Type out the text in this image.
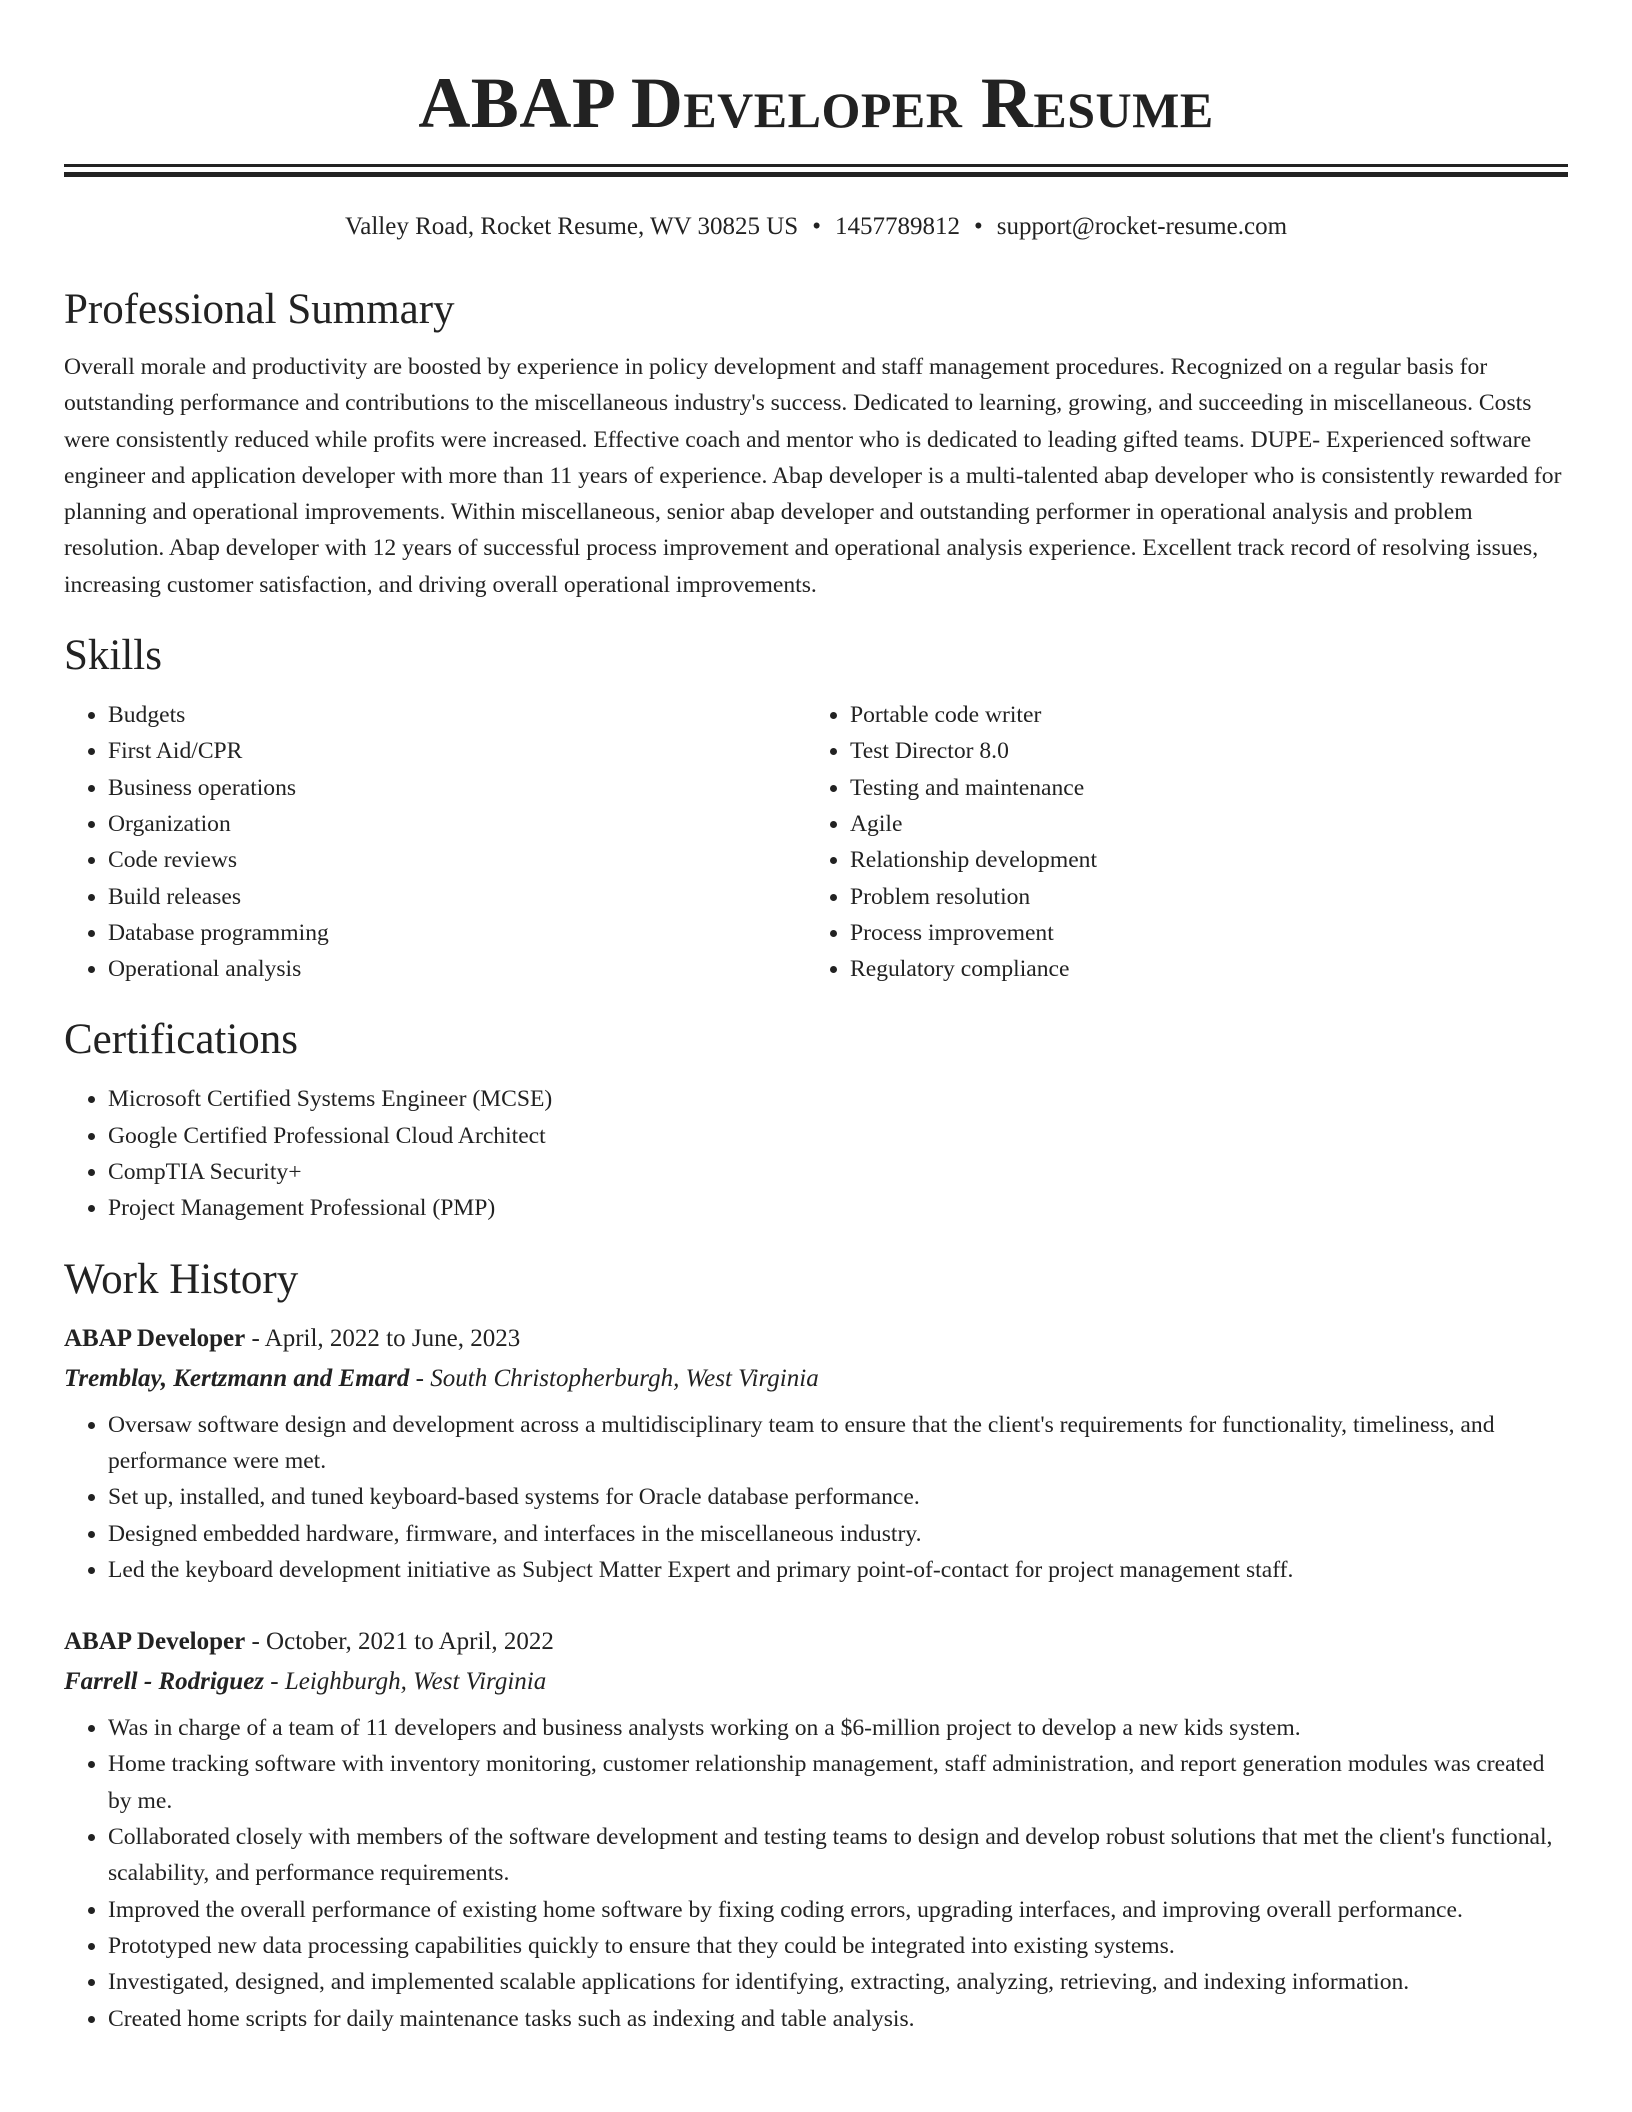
ABAP Developer Resume
Valley Road, Rocket Resume, WV 30825 US • 1457789812 • support@rocket-resume.com
Professional Summary

Overall morale and productivity are boosted by experience in policy development and staff management procedures. Recognized on a regular basis for outstanding performance and contributions to the miscellaneous industry's success. Dedicated to learning, growing, and succeeding in miscellaneous. Costs were consistently reduced while profits were increased. Effective coach and mentor who is dedicated to leading gifted teams. DUPE- Experienced software engineer and application developer with more than 11 years of experience. Abap developer is a multi-talented abap developer who is consistently rewarded for planning and operational improvements. Within miscellaneous, senior abap developer and outstanding performer in operational analysis and problem resolution. Abap developer with 12 years of successful process improvement and operational analysis experience. Excellent track record of resolving issues, increasing customer satisfaction, and driving overall operational improvements.

Skills
• Budgets
• First Aid/CPR
• Business operations
• Organization
• Code reviews
• Build releases
• Database programming
• Operational analysis
• Portable code writer
• Test Director 8.0
• Testing and maintenance
• Agile
• Relationship development
• Problem resolution
• Process improvement
• Regulatory compliance
Certifications
• Microsoft Certified Systems Engineer (MCSE)
• Google Certified Professional Cloud Architect
• CompTIA Security+
• Project Management Professional (PMP)
Work History
ABAP Developer - April, 2022 to June, 2023
Tremblay, Kertzmann and Emard - South Christopherburgh, West Virginia
• Oversaw software design and development across a multidisciplinary team to ensure that the client's requirements for functionality, timeliness, and performance were met.
• Set up, installed, and tuned keyboard-based systems for Oracle database performance.
• Designed embedded hardware, firmware, and interfaces in the miscellaneous industry.
• Led the keyboard development initiative as Subject Matter Expert and primary point-of-contact for project management staff.
ABAP Developer - October, 2021 to April, 2022
Farrell - Rodriguez - Leighburgh, West Virginia
• Was in charge of a team of 11 developers and business analysts working on a $6-million project to develop a new kids system.
• Home tracking software with inventory monitoring, customer relationship management, staff administration, and report generation modules was created by me.
• Collaborated closely with members of the software development and testing teams to design and develop robust solutions that met the client's functional, scalability, and performance requirements.
• Improved the overall performance of existing home software by fixing coding errors, upgrading interfaces, and improving overall performance.
• Prototyped new data processing capabilities quickly to ensure that they could be integrated into existing systems.
• Investigated, designed, and implemented scalable applications for identifying, extracting, analyzing, retrieving, and indexing information.
• Created home scripts for daily maintenance tasks such as indexing and table analysis.
